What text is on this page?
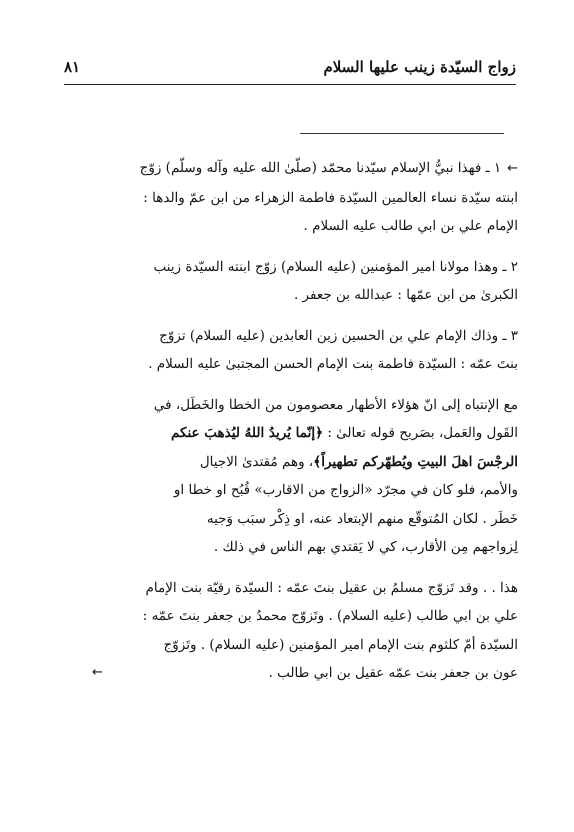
زواج السيّدة زينب عليها السلام
٨١
←١ ـ فهذا نبيُّ الإسلام سيّدنا محمّد (صلّىٰ الله عليه وآله وسلّم) زوّج
ابنته سيّدة نساء العالمين السيّدة فاطمة الزهراء من ابن عمّ والدها :
الإمام علي بن ابي طالب عليه السلام .
٢ ـ وهذا مولانا امير المؤمنين (عليه السلام) زوّج ابنته السيّدة زينب
الكبرىٰ من ابن عمّها : عبدالله بن جعفر .
٣ ـ وذاك الإمام علي بن الحسين زين العابدين (عليه السلام) تزوّج
بنتَ عمّه : السيّدة فاطمة بنت الإمام الحسن المجتبىٰ عليه السلام .
مع الإنتباه إلى انّ هؤلاء الأطهار معصومون من الخطا والخَطَل، في
القَول والعَمل، بصَريح قوله تعالىٰ : ﴿إنّما يُريدُ اللهُ ليُذهبَ عنكم
الرجْسَ اهلَ البيتِ ويُطهّركم تطهيراً﴾، وهم مُقتدىٰ الاجيال
والأمم، فلو كان في مجرّد «الزواج من الاقارب» قُبُح او خطا او
خَطَر . لكان المُتوقّع منهم الإبتعاد عنه، او ذِكْر سبَب وَجيه
لِزواجهم مِن الأقارب، كي لا يَقتدي بهم الناس في ذلك .
هذا . . وقد تَزوّج مسلمُ بن عقيل بنتَ عمّه : السيّدة رقيّة بنت الإمام
علي بن ابي طالب (عليه السلام) . وتَزوّج محمدُ بن جعفر بنتَ عمّه :
السيّدة أمّ كلثوم بنت الإمام امير المؤمنين (عليه السلام) . وتَزوّج
عون بن جعفر بنت عمّه عقيل بن ابي طالب .
←
